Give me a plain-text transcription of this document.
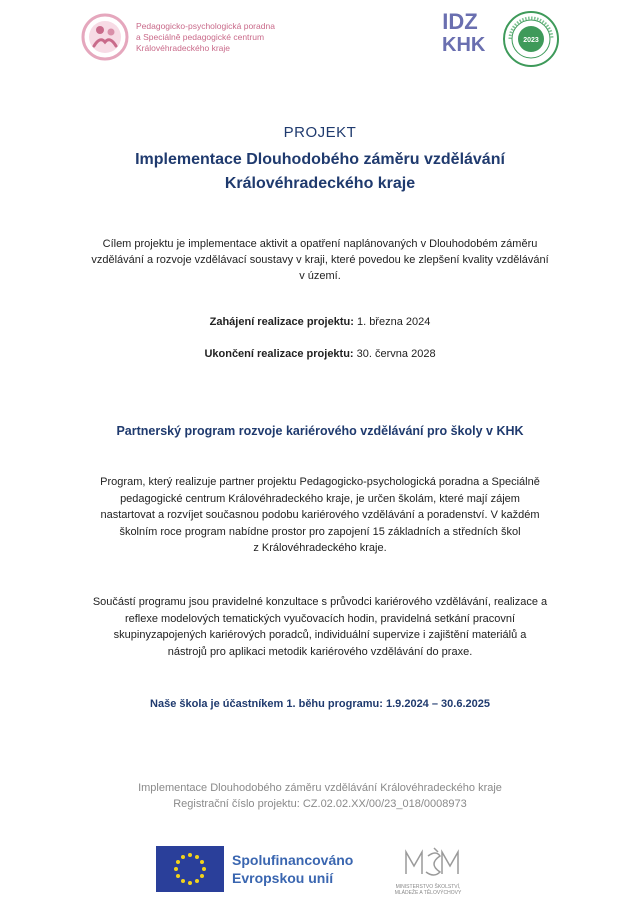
Pedagogicko-psychologická poradna
a Speciálně pedagogické centrum
Královéhradeckého kraje
IDZ
KHK	2023
PROJEKT
Implementace Dlouhodobého záměru vzdělávání
Královéhradeckého kraje
Cílem projektu je implementace aktivit a opatření naplánovaných v Dlouhodobém záměru
vzdělávání a rozvoje vzdělávací soustavy v kraji, které povedou ke zlepšení kvality vzdělávání
v území.
Zahájení realizace projektu: 1. března 2024
Ukončení realizace projektu: 30. června 2028
Partnerský program rozvoje kariérového vzdělávání pro školy v KHK
Program, který realizuje partner projektu Pedagogicko-psychologická poradna a Speciálně
pedagogické centrum Královéhradeckého kraje, je určen školám, které mají zájem
nastartovat a rozvíjet současnou podobu kariérového vzdělávání a poradenství. V každém
školním roce program nabídne prostor pro zapojení 15 základních a středních škol
z Královéhradeckého kraje.
Součástí programu jsou pravidelné konzultace s průvodci kariérového vzdělávání, realizace a
reflexe modelových tematických vyučovacích hodin, pravidelná setkání pracovní
skupinyzapojených kariérových poradců, individuální supervize i zajištění materiálů a
nástrojů pro aplikaci metodik kariérového vzdělávání do praxe.
Naše škola je účastníkem 1. běhu programu: 1.9.2024 – 30.6.2025
Implementace Dlouhodobého záměru vzdělávání Královéhradeckého kraje
Registrační číslo projektu: CZ.02.02.XX/00/23_018/0008973
Spolufinancováno
Evropskou unií
MINISTERSTVO ŠKOLSTVÍ,
MLÁDEŽE A TĚLOVÝCHOVY
